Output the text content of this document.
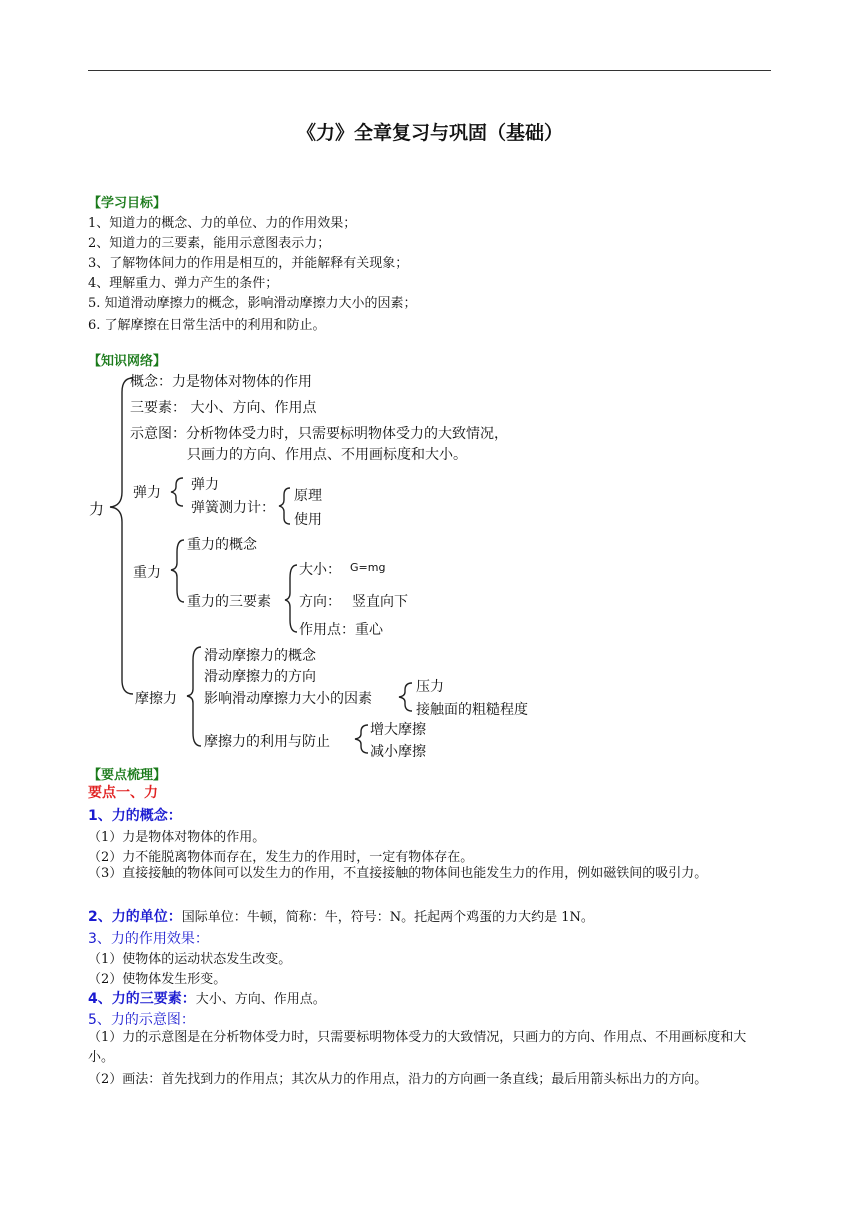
《力》全章复习与巩固（基础）
【学习目标】
1、知道力的概念、力的单位、力的作用效果；
2、知道力的三要素，能用示意图表示力；
3、了解物体间力的作用是相互的，并能解释有关现象；
4、理解重力、弹力产生的条件；
5. 知道滑动摩擦力的概念，影响滑动摩擦力大小的因素；
6. 了解摩擦在日常生活中的利用和防止。
【知识网络】
力
概念：力是物体对物体的作用
三要素： 大小、方向、作用点
示意图：分析物体受力时，只需要标明物体受力的大致情况，
只画力的方向、作用点、不用画标度和大小。
弹力 弹力
弹簧测力计：
原理
使用
重力
重力的概念
重力的三要素
大小： G=mg
方向： 竖直向下
作用点：重心
摩擦力
滑动摩擦力的概念
滑动摩擦力的方向
影响滑动摩擦力大小的因素
压力
接触面的粗糙程度
摩擦力的利用与防止
增大摩擦
减小摩擦
【要点梳理】
要点一、力
1、力的概念：
（1）力是物体对物体的作用。
（2）力不能脱离物体而存在，发生力的作用时，一定有物体存在。
（3）直接接触的物体间可以发生力的作用，不直接接触的物体间也能发生力的作用，例如磁铁间的吸引力。
2、力的单位：国际单位：牛顿，简称：牛，符号：N。托起两个鸡蛋的力大约是 1N。
3、力的作用效果：
（1）使物体的运动状态发生改变。
（2）使物体发生形变。
4、力的三要素：大小、方向、作用点。
5、力的示意图：
（1）力的示意图是在分析物体受力时，只需要标明物体受力的大致情况，只画力的方向、作用点、不用画标度和大小。
（2）画法：首先找到力的作用点；其次从力的作用点，沿力的方向画一条直线；最后用箭头标出力的方向。
